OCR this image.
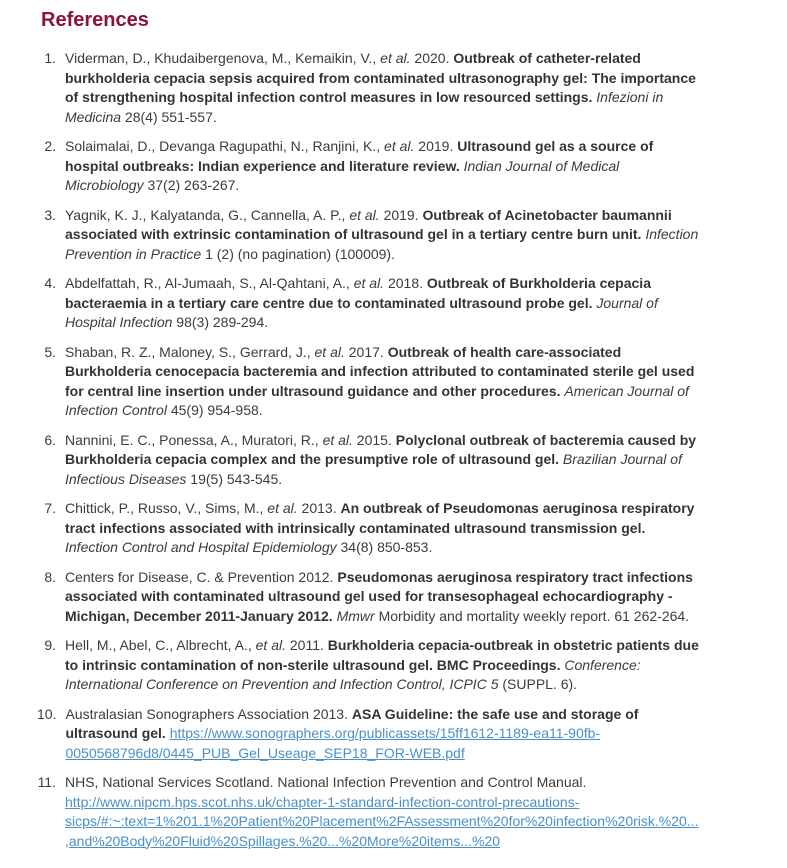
References
1. Viderman, D., Khudaibergenova, M., Kemaikin, V., et al. 2020. Outbreak of catheter-related burkholderia cepacia sepsis acquired from contaminated ultrasonography gel: The importance of strengthening hospital infection control measures in low resourced settings. Infezioni in Medicina 28(4) 551-557.
2. Solaimalai, D., Devanga Ragupathi, N., Ranjini, K., et al. 2019. Ultrasound gel as a source of hospital outbreaks: Indian experience and literature review. Indian Journal of Medical Microbiology 37(2) 263-267.
3. Yagnik, K. J., Kalyatanda, G., Cannella, A. P., et al. 2019. Outbreak of Acinetobacter baumannii associated with extrinsic contamination of ultrasound gel in a tertiary centre burn unit. Infection Prevention in Practice 1 (2) (no pagination) (100009).
4. Abdelfattah, R., Al-Jumaah, S., Al-Qahtani, A., et al. 2018. Outbreak of Burkholderia cepacia bacteraemia in a tertiary care centre due to contaminated ultrasound probe gel. Journal of Hospital Infection 98(3) 289-294.
5. Shaban, R. Z., Maloney, S., Gerrard, J., et al. 2017. Outbreak of health care-associated Burkholderia cenocepacia bacteremia and infection attributed to contaminated sterile gel used for central line insertion under ultrasound guidance and other procedures. American Journal of Infection Control 45(9) 954-958.
6. Nannini, E. C., Ponessa, A., Muratori, R., et al. 2015. Polyclonal outbreak of bacteremia caused by Burkholderia cepacia complex and the presumptive role of ultrasound gel. Brazilian Journal of Infectious Diseases 19(5) 543-545.
7. Chittick, P., Russo, V., Sims, M., et al. 2013. An outbreak of Pseudomonas aeruginosa respiratory tract infections associated with intrinsically contaminated ultrasound transmission gel. Infection Control and Hospital Epidemiology 34(8) 850-853.
8. Centers for Disease, C. & Prevention 2012. Pseudomonas aeruginosa respiratory tract infections associated with contaminated ultrasound gel used for transesophageal echocardiography - Michigan, December 2011-January 2012. Mmwr Morbidity and mortality weekly report. 61 262-264.
9. Hell, M., Abel, C., Albrecht, A., et al. 2011. Burkholderia cepacia-outbreak in obstetric patients due to intrinsic contamination of non-sterile ultrasound gel. BMC Proceedings. Conference: International Conference on Prevention and Infection Control, ICPIC 5 (SUPPL. 6).
10. Australasian Sonographers Association 2013. ASA Guideline: the safe use and storage of ultrasound gel. https://www.sonographers.org/publicassets/15ff1612-1189-ea11-90fb-0050568796d8/0445_PUB_Gel_Useage_SEP18_FOR-WEB.pdf
11. NHS, National Services Scotland. National Infection Prevention and Control Manual. http://www.nipcm.hps.scot.nhs.uk/chapter-1-standard-infection-control-precautions-sicps/#:~:text=1%201.1%20Patient%20Placement%2FAssessment%20for%20infection%20risk.%20...,and%20Body%20Fluid%20Spillages.%20...%20More%20items...%20
